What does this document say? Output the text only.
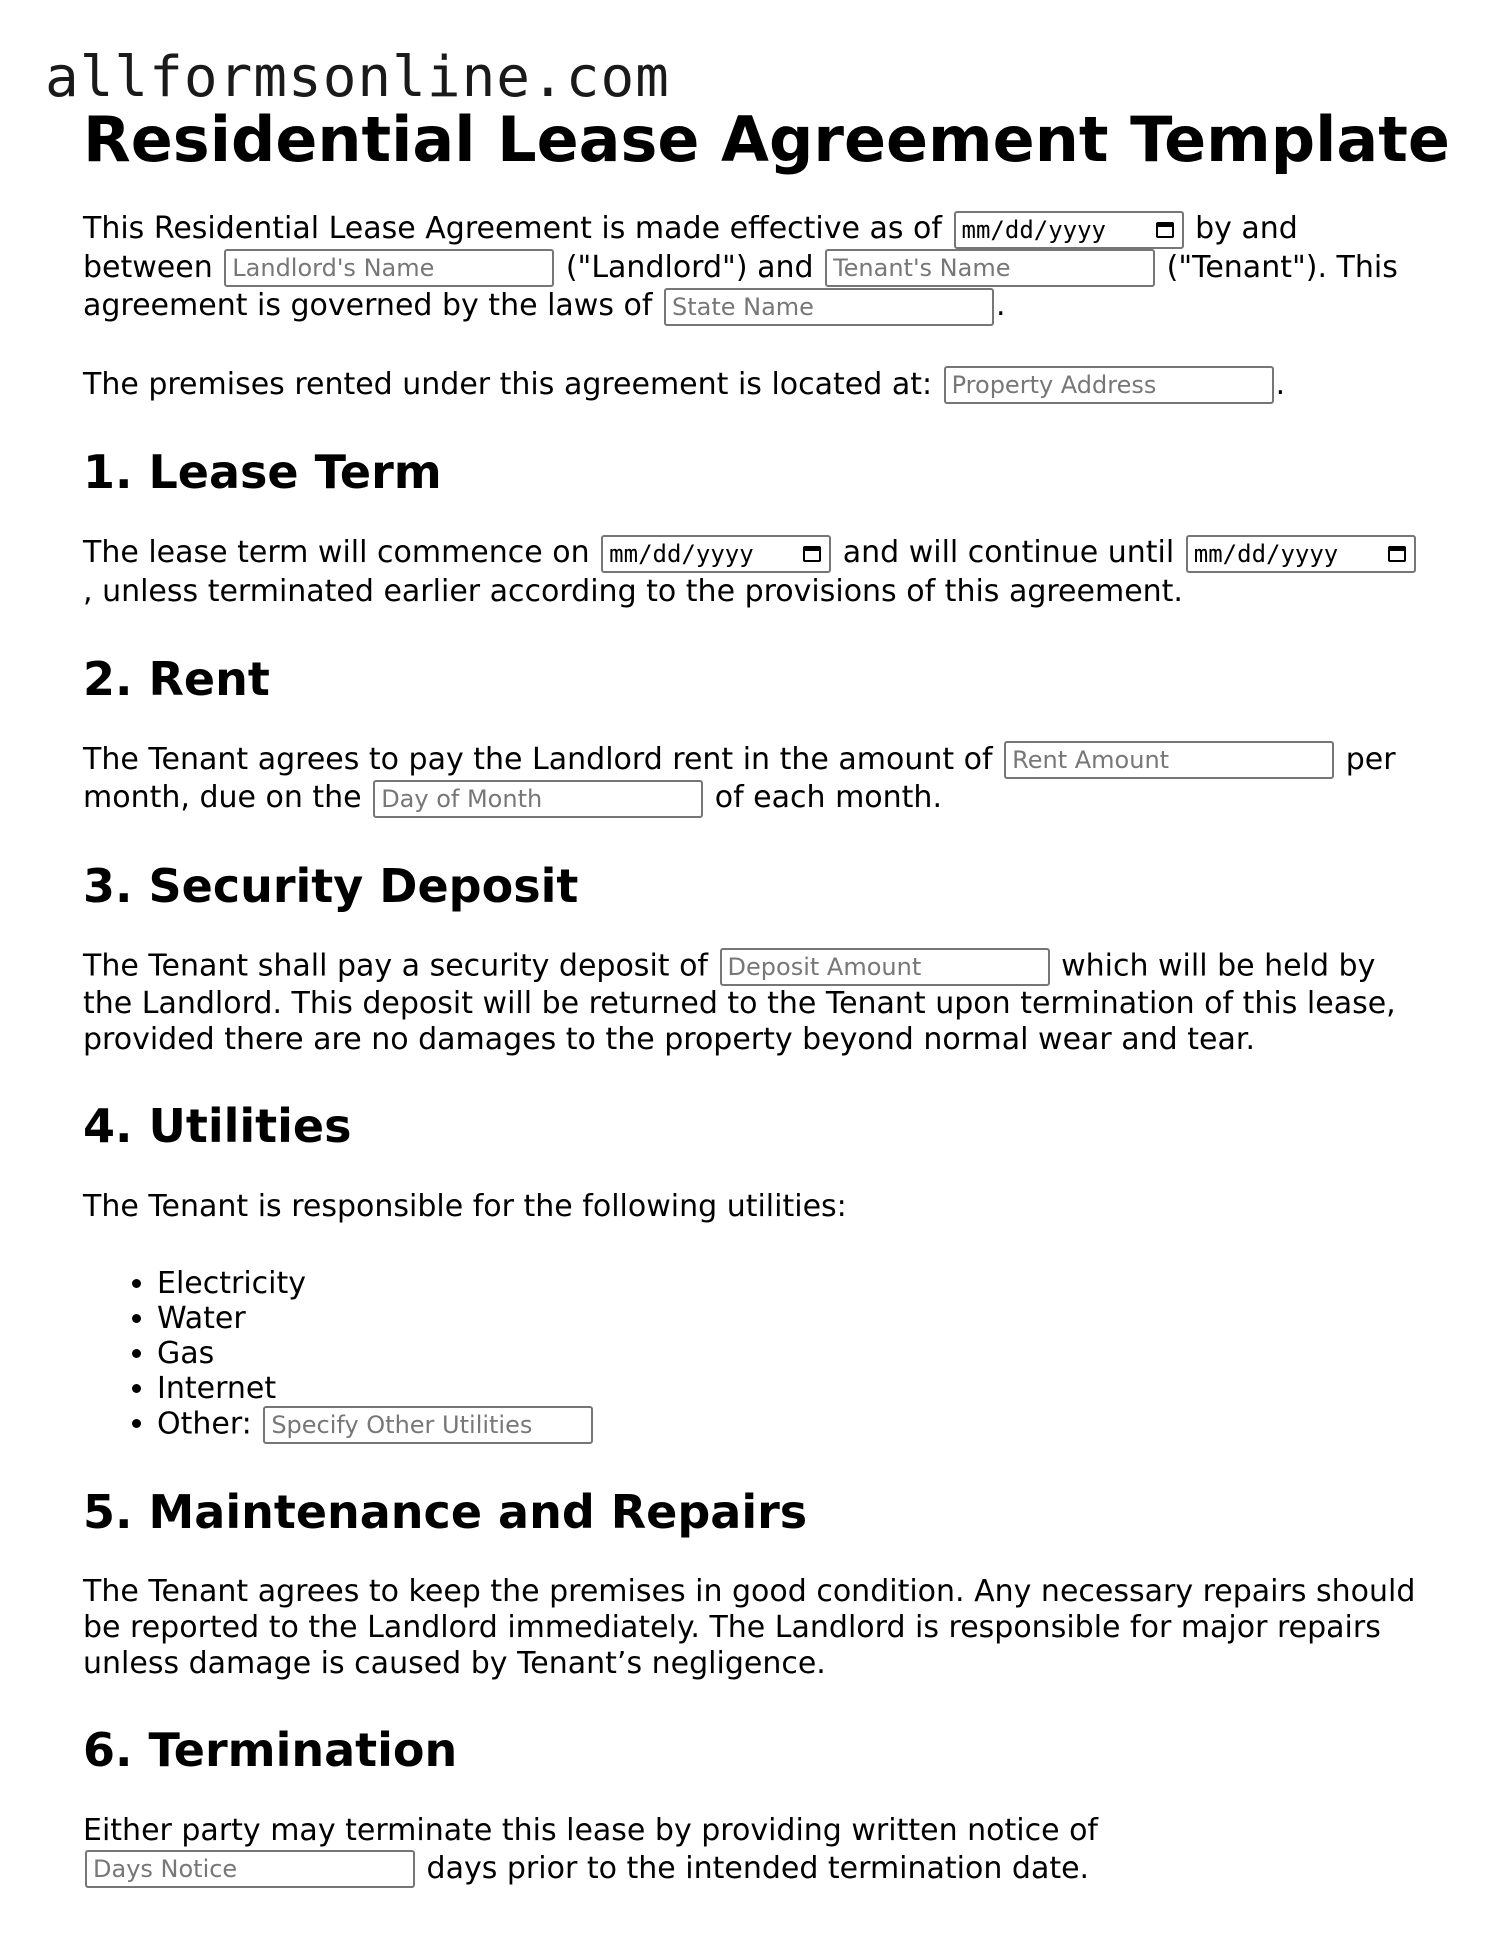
allformsonline.com
Residential Lease Agreement Template

This Residential Lease Agreement is made effective as of mm/dd/yyyy	by and between Landlord's Name	("Landlord") and Tenant's Name	("Tenant"). This agreement is governed by the laws of State Name	.

The premises rented under this agreement is located at: Property Address	.

1. Lease Term

The lease term will commence on mm/dd/yyyy	and will continue until mm/dd/yyyy
, unless terminated earlier according to the provisions of this agreement.

2. Rent

The Tenant agrees to pay the Landlord rent in the amount of Rent Amount	per month, due on the Day of Month	of each month.

3. Security Deposit

The Tenant shall pay a security deposit of Deposit Amount	which will be held by the Landlord. This deposit will be returned to the Tenant upon termination of this lease, provided there are no damages to the property beyond normal wear and tear.

4. Utilities

The Tenant is responsible for the following utilities:

• Electricity
• Water
• Gas
• Internet
• Other: Specify Other Utilities
5. Maintenance and Repairs

The Tenant agrees to keep the premises in good condition. Any necessary repairs should be reported to the Landlord immediately. The Landlord is responsible for major repairs unless damage is caused by Tenant’s negligence.

6. Termination

Either party may terminate this lease by providing written notice of Days Notice days prior to the intended termination date.
